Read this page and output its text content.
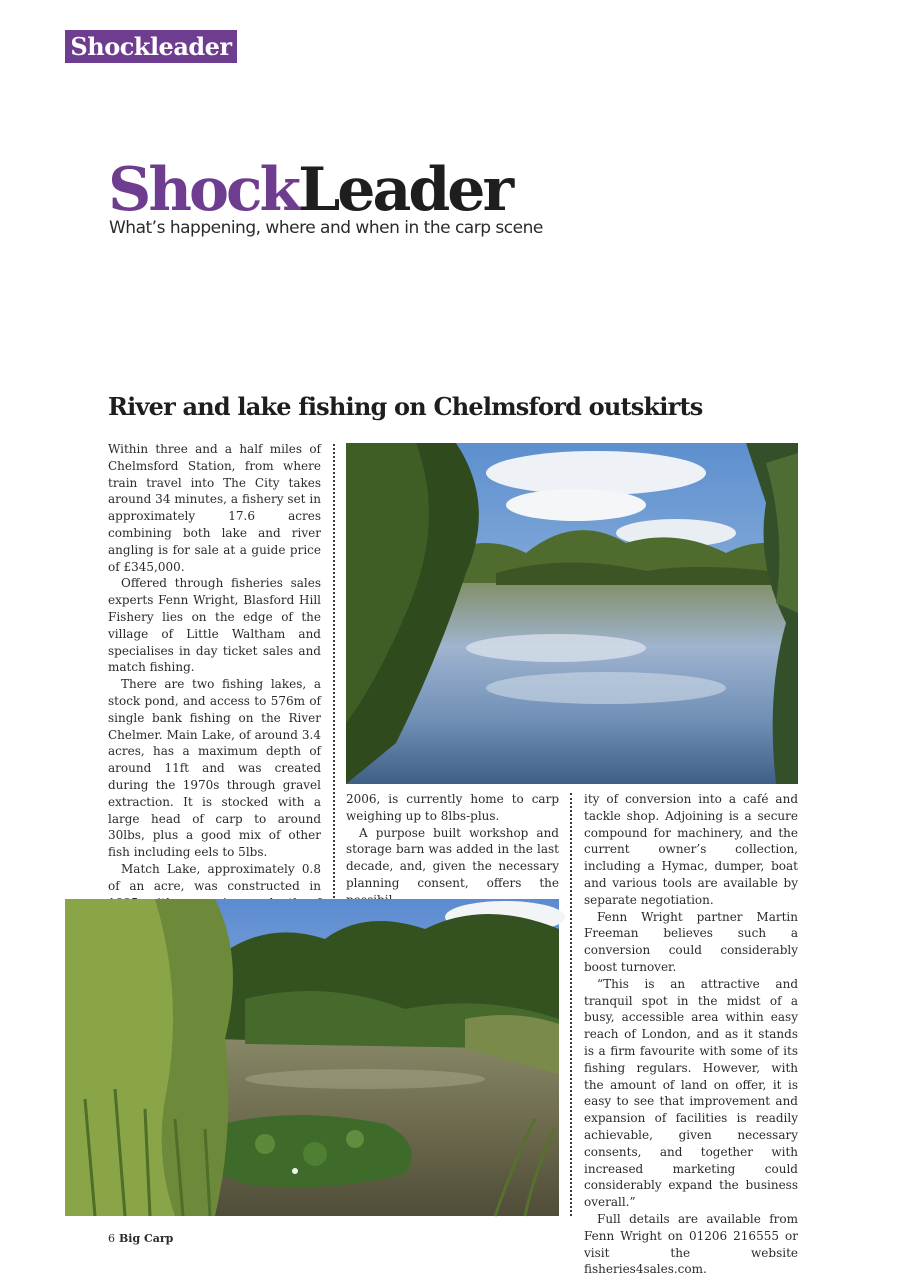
Shockleader
ShockLeader
What’s happening, where and when in the carp scene
River and lake fishing on Chelmsford outskirts

Within three and a half miles of Chelmsford Station, from where train travel into The City takes around 34 minutes, a fishery set in approximately 17.6 acres combining both lake and river angling is for sale at a guide price of £345,000.

Offered through fisheries sales experts Fenn Wright, Blasford Hill Fishery lies on the edge of the village of Little Waltham and specialises in day ticket sales and match fishing.

There are two fishing lakes, a stock pond, and access to 576m of single bank fishing on the River Chelmer. Main Lake, of around 3.4 acres, has a maximum depth of around 11ft and was created during the 1970s through gravel extraction. It is stocked with a large head of carp to around 30lbs, plus a good mix of other fish including eels to 5lbs.

Match Lake, approximately 0.8 of an acre, was constructed in

2006, is currently home to carp weighing up to 8lbs-plus.

A purpose built workshop and storage barn was added in the last decade, and, given the necessary planning consent, offers the

ity of conversion into a café and tackle shop. Adjoining is a secure compound for machinery, and the current owner’s collection, including a Hymac, dumper, boat and various tools are available by separate negotiation.

Fenn Wright partner Martin Freeman believes such a conversion could considerably boost turnover.

“This is an attractive and tranquil spot in the midst of a busy, accessible area within easy reach of London, and as it stands is a firm favourite with some of its fishing regulars. However, with the amount of land on offer, it is easy to see that improvement and expansion of facilities is readily achievable, given necessary consents, and together with increased marketing could considerably expand the business overall.”

Full details are available from Fenn Wright on 01206 216555 or visit the website fisheries4sales.com.

6 Big Carp
